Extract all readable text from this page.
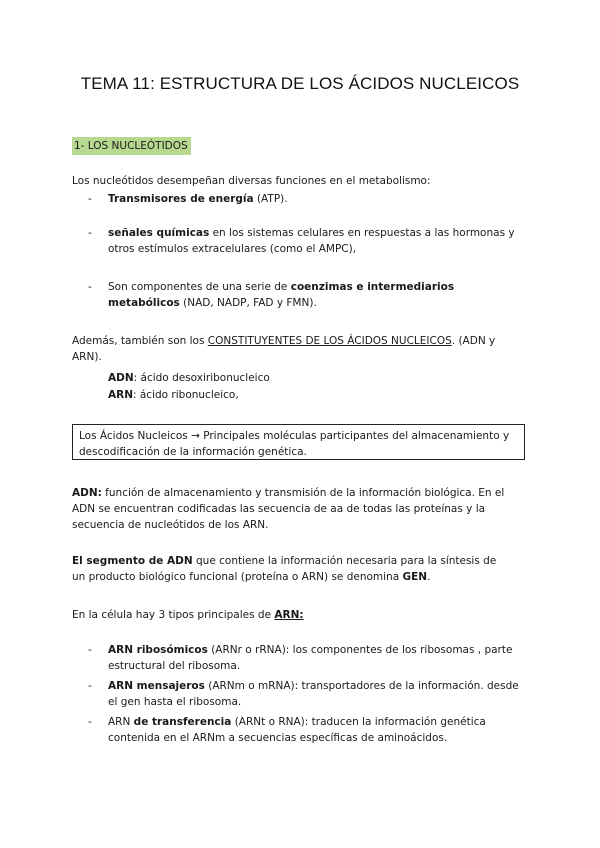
TEMA 11: ESTRUCTURA DE LOS ÁCIDOS NUCLEICOS
1- LOS NUCLEÓTIDOS
Los nucleótidos desempeñan diversas funciones en el metabolismo:
- Transmisores de energía (ATP).
- señales químicas en los sistemas celulares en respuestas a las hormonas y otros estímulos extracelulares (como el AMPC),
- Son componentes de una serie de coenzimas e intermediarios metabólicos (NAD, NADP, FAD y FMN).
Además, también son los CONSTITUYENTES DE LOS ÁCIDOS NUCLEICOS. (ADN y ARN).
ADN: ácido desoxiribonucleico
ARN: ácido ribonucleico,
Los Ácidos Nucleicos → Principales moléculas participantes del almacenamiento y descodificación de la información genética.
ADN: función de almacenamiento y transmisión de la información biológica. En el ADN se encuentran codificadas las secuencia de aa de todas las proteínas y la secuencia de nucleótidos de los ARN.
El segmento de ADN que contiene la información necesaria para la síntesis de un producto biológico funcional (proteína o ARN) se denomina GEN.
En la célula hay 3 tipos principales de ARN:
- ARN ribosómicos (ARNr o rRNA): los componentes de los ribosomas , parte estructural del ribosoma.
- ARN mensajeros (ARNm o mRNA): transportadores de la información. desde el gen hasta el ribosoma.
- ARN de transferencia (ARNt o RNA): traducen la información genética contenida en el ARNm a secuencias específicas de aminoácidos.
